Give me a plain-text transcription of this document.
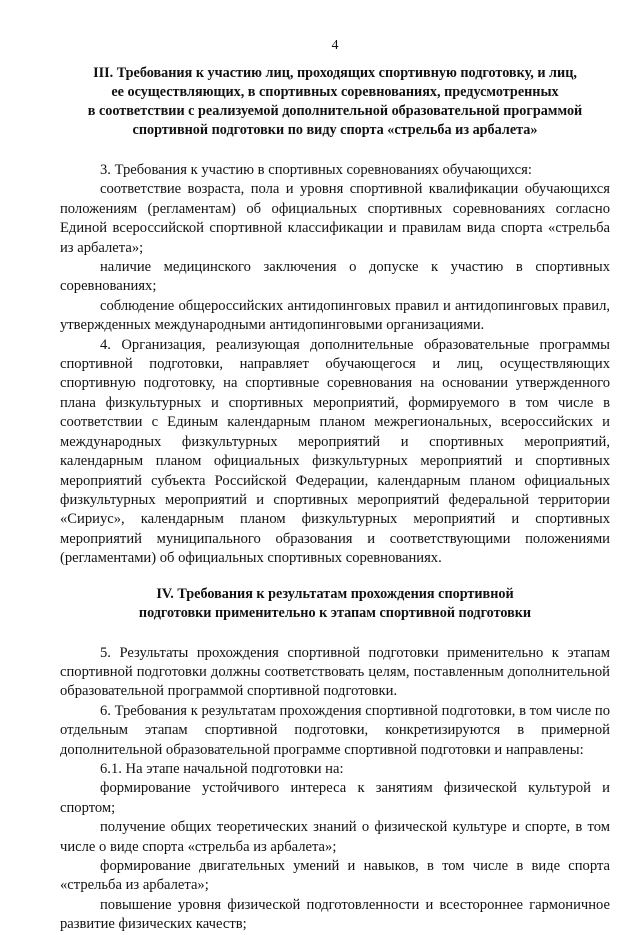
4
III. Требования к участию лиц, проходящих спортивную подготовку, и лиц,
ее осуществляющих, в спортивных соревнованиях, предусмотренных
в соответствии с реализуемой дополнительной образовательной программой
спортивной подготовки по виду спорта «стрельба из арбалета»

3. Требования к участию в спортивных соревнованиях обучающихся:

соответствие возраста, пола и уровня спортивной квалификации обучающихся положениям (регламентам) об официальных спортивных соревнованиях согласно Единой всероссийской спортивной классификации и правилам вида спорта «стрельба из арбалета»;

наличие медицинского заключения о допуске к участию в спортивных соревнованиях;

соблюдение общероссийских антидопинговых правил и антидопинговых правил, утвержденных международными антидопинговыми организациями.

4. Организация, реализующая дополнительные образовательные программы спортивной подготовки, направляет обучающегося и лиц, осуществляющих спортивную подготовку, на спортивные соревнования на основании утвержденного плана физкультурных и спортивных мероприятий, формируемого в том числе в соответствии с Единым календарным планом межрегиональных, всероссийских и международных физкультурных мероприятий и спортивных мероприятий, календарным планом официальных физкультурных мероприятий и спортивных мероприятий субъекта Российской Федерации, календарным планом официальных физкультурных мероприятий и спортивных мероприятий федеральной территории «Сириус», календарным планом физкультурных мероприятий и спортивных мероприятий муниципального образования и соответствующими положениями (регламентами) об официальных спортивных соревнованиях.

IV. Требования к результатам прохождения спортивной
подготовки применительно к этапам спортивной подготовки

5. Результаты прохождения спортивной подготовки применительно к этапам спортивной подготовки должны соответствовать целям, поставленным дополнительной образовательной программой спортивной подготовки.

6. Требования к результатам прохождения спортивной подготовки, в том числе по отдельным этапам спортивной подготовки, конкретизируются в примерной дополнительной образовательной программе спортивной подготовки и направлены:

6.1. На этапе начальной подготовки на:

формирование устойчивого интереса к занятиям физической культурой и спортом;

получение общих теоретических знаний о физической культуре и спорте, в том числе о виде спорта «стрельба из арбалета»;

формирование двигательных умений и навыков, в том числе в виде спорта «стрельба из арбалета»;

повышение уровня физической подготовленности и всестороннее гармоничное развитие физических качеств;
